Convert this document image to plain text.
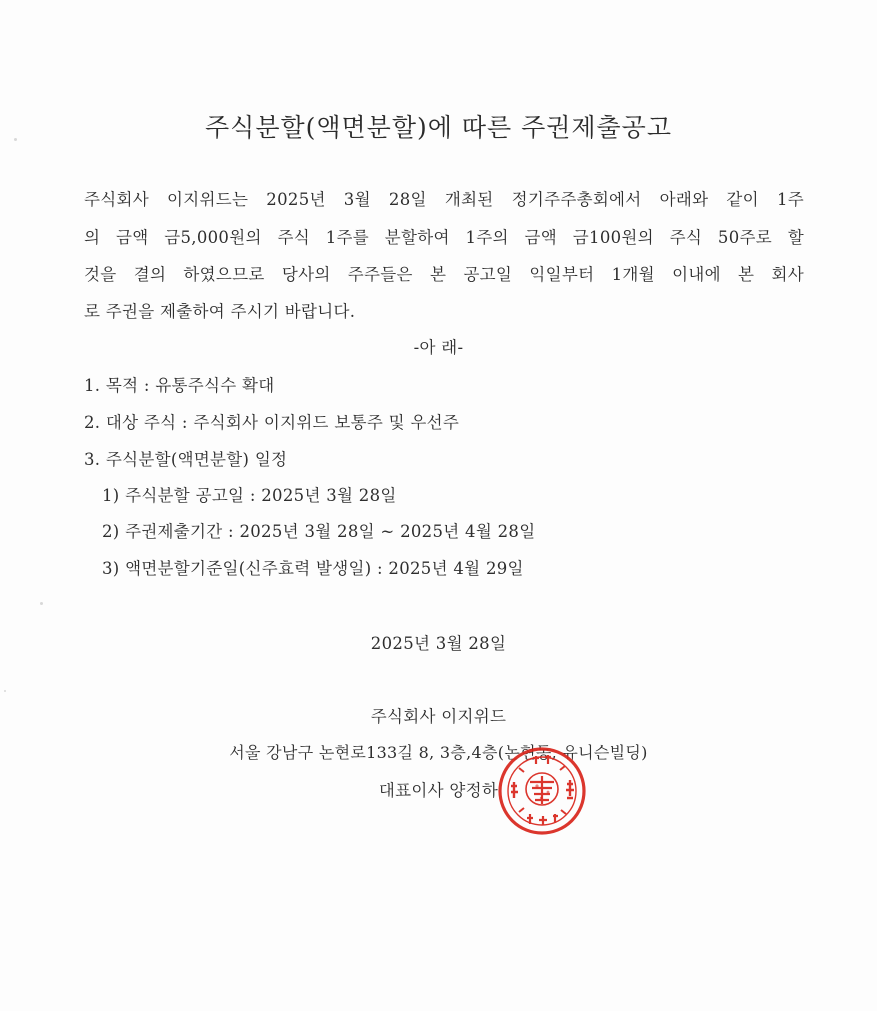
주식분할(액면분할)에 따른 주권제출공고
주식회사 이지위드는 2025년 3월 28일 개최된 정기주주총회에서 아래와 같이 1주
의 금액 금5,000원의 주식 1주를 분할하여 1주의 금액 금100원의 주식 50주로 할
것을 결의 하였으므로 당사의 주주들은 본 공고일 익일부터 1개월 이내에 본 회사
로 주권을 제출하여 주시기 바랍니다.
-아 래-
1. 목적 : 유통주식수 확대
2. 대상 주식 : 주식회사 이지위드 보통주 및 우선주
3. 주식분할(액면분할) 일정
1) 주식분할 공고일 : 2025년 3월 28일
2) 주권제출기간 : 2025년 3월 28일 ~ 2025년 4월 28일
3) 액면분할기준일(신주효력 발생일) : 2025년 4월 29일
2025년 3월 28일
주식회사 이지위드
서울 강남구 논현로133길 8, 3층,4층(논현동, 유니슨빌딩)
대표이사 양정하
